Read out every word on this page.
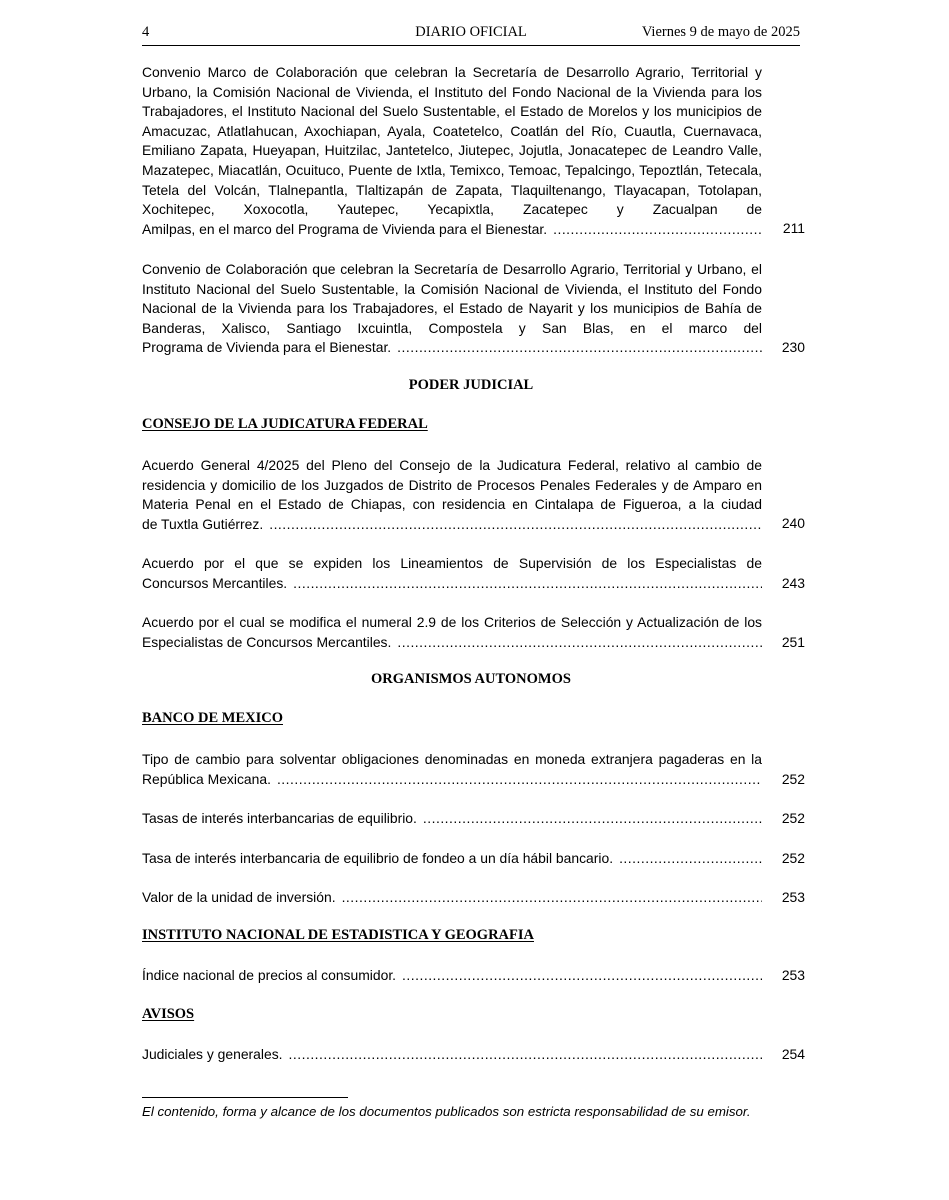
4	DIARIO OFICIAL	Viernes 9 de mayo de 2025
Convenio Marco de Colaboración que celebran la Secretaría de Desarrollo Agrario, Territorial y Urbano, la Comisión Nacional de Vivienda, el Instituto del Fondo Nacional de la Vivienda para los Trabajadores, el Instituto Nacional del Suelo Sustentable, el Estado de Morelos y los municipios de Amacuzac, Atlatlahucan, Axochiapan, Ayala, Coatetelco, Coatlán del Río, Cuautla, Cuernavaca, Emiliano Zapata, Hueyapan, Huitzilac, Jantetelco, Jiutepec, Jojutla, Jonacatepec de Leandro Valle, Mazatepec, Miacatlán, Ocuituco, Puente de Ixtla, Temixco, Temoac, Tepalcingo, Tepoztlán, Tetecala, Tetela del Volcán, Tlalnepantla, Tlaltizapán de Zapata, Tlaquiltenango, Tlayacapan, Totolapan, Xochitepec, Xoxocotla, Yautepec, Yecapixtla, Zacatepec y Zacualpan de
Amilpas, en el marco del Programa de Vivienda para el Bienestar. .....	211
Convenio de Colaboración que celebran la Secretaría de Desarrollo Agrario, Territorial y Urbano, el Instituto Nacional del Suelo Sustentable, la Comisión Nacional de Vivienda, el Instituto del Fondo Nacional de la Vivienda para los Trabajadores, el Estado de Nayarit y los municipios de Bahía de Banderas, Xalisco, Santiago Ixcuintla, Compostela y San Blas, en el marco del
Programa de Vivienda para el Bienestar. .....	230
PODER JUDICIAL
CONSEJO DE LA JUDICATURA FEDERAL
Acuerdo General 4/2025 del Pleno del Consejo de la Judicatura Federal, relativo al cambio de residencia y domicilio de los Juzgados de Distrito de Procesos Penales Federales y de Amparo en Materia Penal en el Estado de Chiapas, con residencia en Cintalapa de Figueroa, a la ciudad
de Tuxtla Gutiérrez. .....	240
Acuerdo por el que se expiden los Lineamientos de Supervisión de los Especialistas de
Concursos Mercantiles. .....	243
Acuerdo por el cual se modifica el numeral 2.9 de los Criterios de Selección y Actualización de los
Especialistas de Concursos Mercantiles. .....	251
ORGANISMOS AUTONOMOS
BANCO DE MEXICO
Tipo de cambio para solventar obligaciones denominadas en moneda extranjera pagaderas en la
República Mexicana. .....	252
Tasas de interés interbancarias de equilibrio. .....	252
Tasa de interés interbancaria de equilibrio de fondeo a un día hábil bancario. .....	252
Valor de la unidad de inversión. .....	253
INSTITUTO NACIONAL DE ESTADISTICA Y GEOGRAFIA
Índice nacional de precios al consumidor. .....	253
AVISOS
Judiciales y generales. .....	254
El contenido, forma y alcance de los documentos publicados son estricta responsabilidad de su emisor.
